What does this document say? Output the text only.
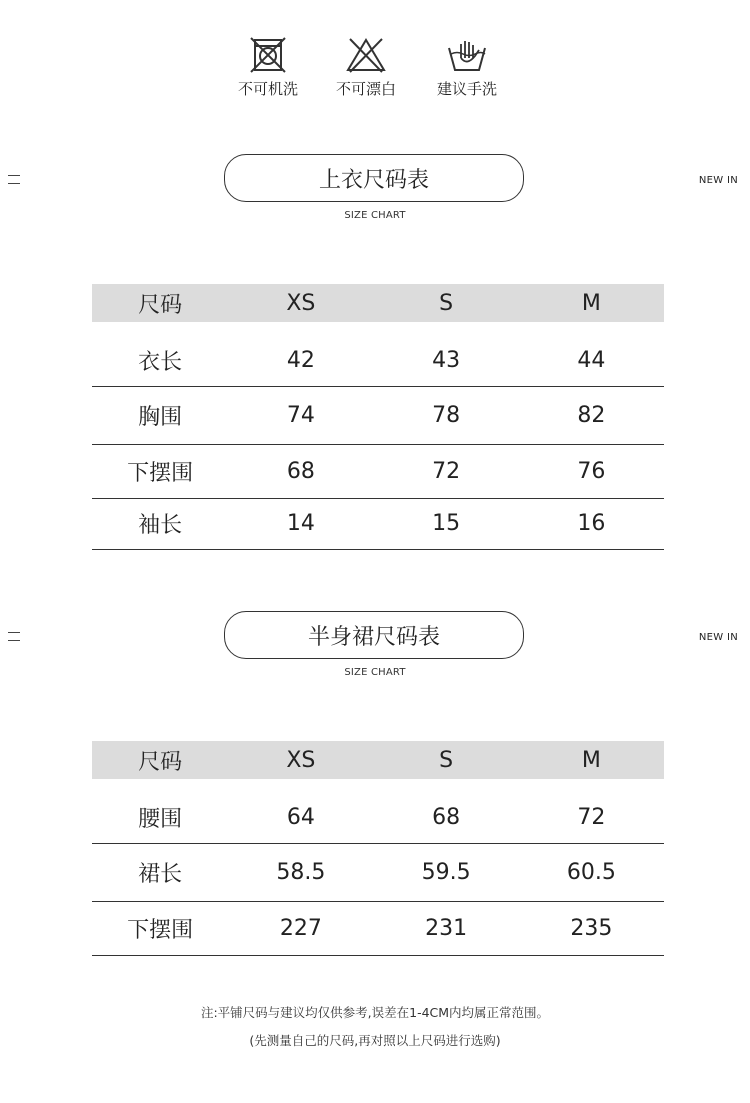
不可机洗	不可漂白	建议手洗
NEW IN
上衣尺码表
SIZE CHART
尺码	XS	S	M
衣长	42	43	44
胸围	74	78	82
下摆围	68	72	76
袖长	14	15	16
NEW IN
半身裙尺码表
SIZE CHART
尺码	XS	S	M
腰围	64	68	72
裙长	58.5	59.5	60.5
下摆围	227	231	235
注:平铺尺码与建议均仅供参考,误差在1-4CM内均属正常范围。
(先测量自己的尺码,再对照以上尺码进行选购)
